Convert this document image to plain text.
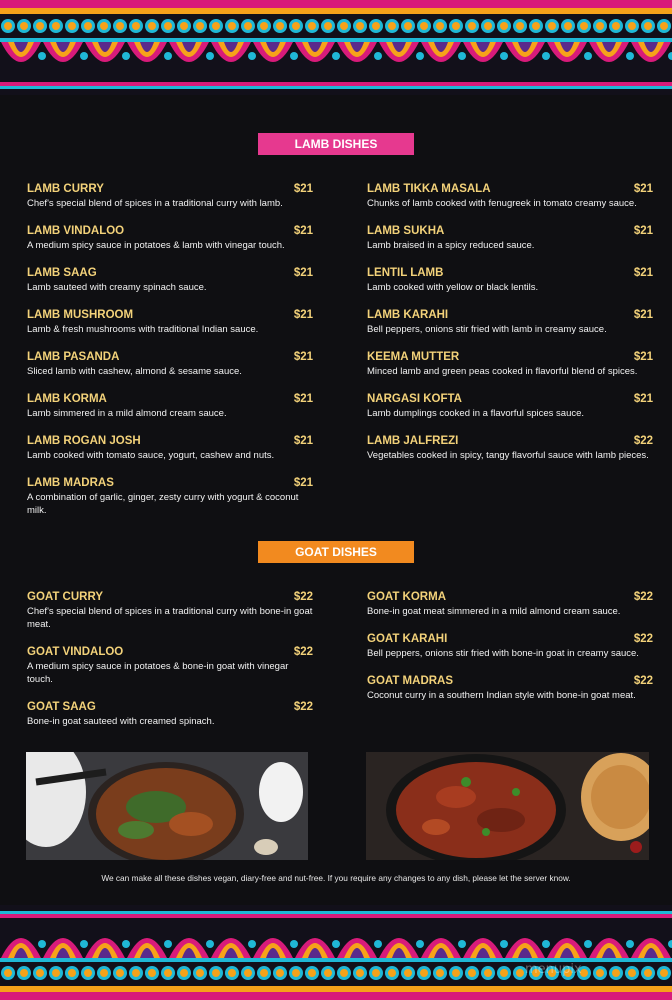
LAMB DISHES
LAMB CURRY	$21
Chef's special blend of spices in a traditional curry with lamb.
LAMB VINDALOO	$21
A medium spicy sauce in potatoes & lamb with vinegar touch.
LAMB SAAG	$21
Lamb sauteed with creamy spinach sauce.
LAMB MUSHROOM	$21
Lamb & fresh mushrooms with traditional Indian sauce.
LAMB PASANDA	$21
Sliced lamb with cashew, almond & sesame sauce.
LAMB KORMA	$21
Lamb simmered in a mild almond cream sauce.
LAMB ROGAN JOSH	$21
Lamb cooked with tomato sauce, yogurt, cashew and nuts.
LAMB MADRAS	$21
A combination of garlic, ginger, zesty curry with yogurt & coconut milk.
LAMB TIKKA MASALA	$21
Chunks of lamb cooked with fenugreek in tomato creamy sauce.
LAMB SUKHA	$21
Lamb braised in a spicy reduced sauce.
LENTIL LAMB	$21
Lamb cooked with yellow or black lentils.
LAMB KARAHI	$21
Bell peppers, onions stir fried with lamb in creamy sauce.
KEEMA MUTTER	$21
Minced lamb and green peas cooked in flavorful blend of spices.
NARGASI KOFTA	$21
Lamb dumplings cooked in a flavorful spices sauce.
LAMB JALFREZI	$22
Vegetables cooked in spicy, tangy flavorful sauce with lamb pieces.
GOAT DISHES
GOAT CURRY	$22
Chef's special blend of spices in a traditional curry with bone-in goat meat.
GOAT VINDALOO	$22
A medium spicy sauce in potatoes & bone-in goat with vinegar touch.
GOAT SAAG	$22
Bone-in goat sauteed with creamed spinach.
GOAT KORMA	$22
Bone-in goat meat simmered in a mild almond cream sauce.
GOAT KARAHI	$22
Bell peppers, onions stir fried with bone-in goat in creamy sauce.
GOAT MADRAS	$22
Coconut curry in a southern Indian style with bone-in goat meat.
We can make all these dishes vegan, diary-free and nut-free. If you require any changes to any dish, please let the server know.
menupix
